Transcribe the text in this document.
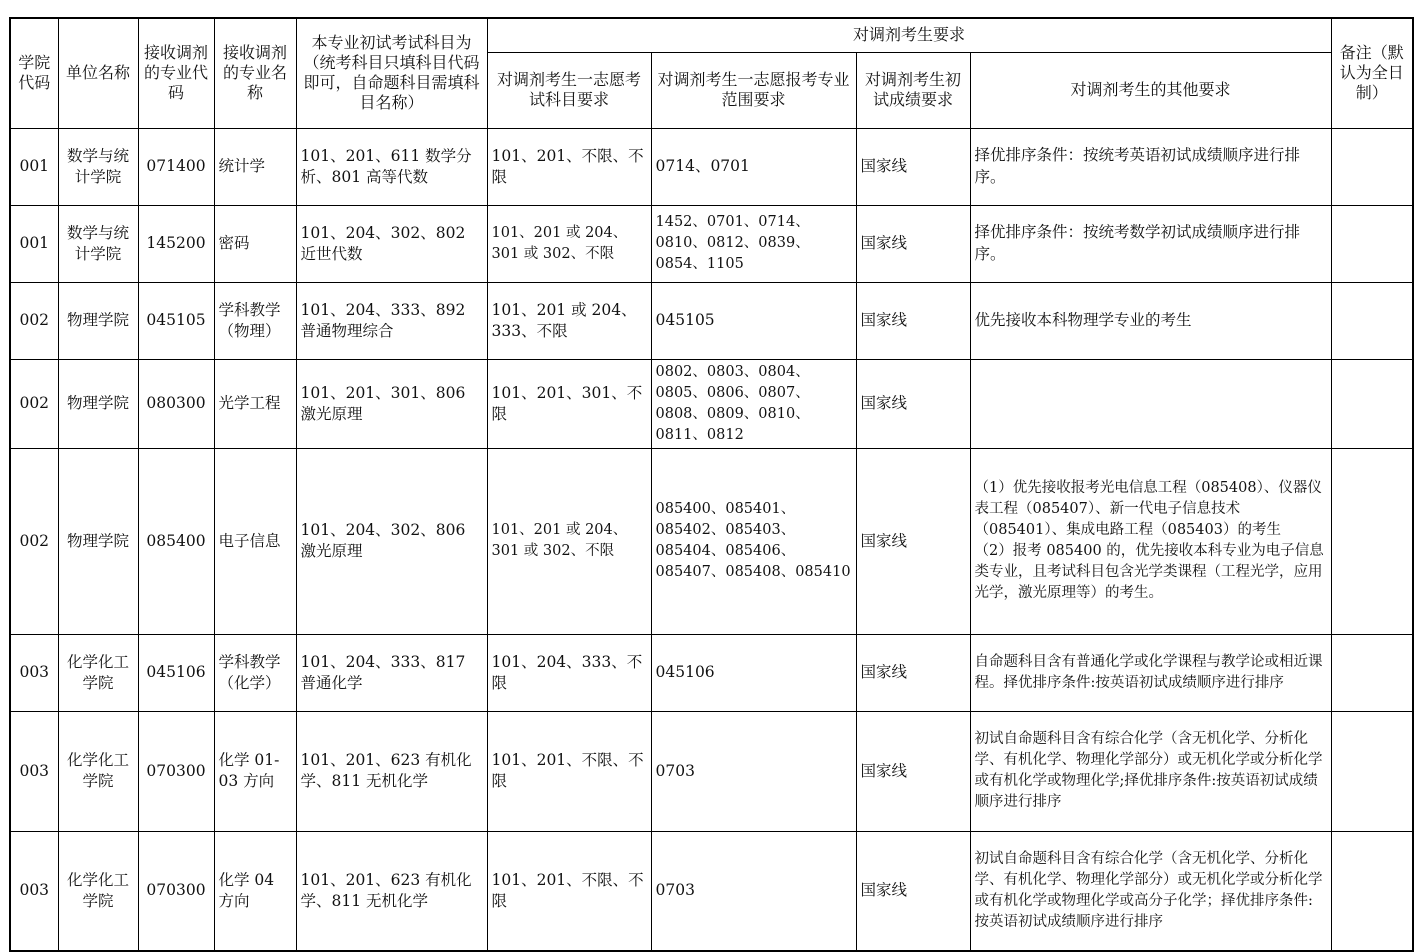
学院代码	单位名称	接收调剂的专业代码	接收调剂的专业名称	本专业初试考试科目为（统考科目只填科目代码即可，自命题科目需填科目名称）	对调剂考生要求				备注（默认为全日制）
					对调剂考生一志愿考试科目要求	对调剂考生一志愿报考专业范围要求	对调剂考生初试成绩要求	对调剂考生的其他要求	
001	数学与统计学院	071400	统计学	101、201、611 数学分析、801 高等代数	101、201、不限、不限	0714、0701	国家线	择优排序条件：按统考英语初试成绩顺序进行排序。	
001	数学与统计学院	145200	密码	101、204、302、802 近世代数	101、201 或 204、301 或 302、不限	1452、0701、0714、0810、0812、0839、0854、1105	国家线	择优排序条件：按统考数学初试成绩顺序进行排序。	
002	物理学院	045105	学科教学（物理）	101、204、333、892 普通物理综合	101、201 或 204、333、不限	045105	国家线	优先接收本科物理学专业的考生	
002	物理学院	080300	光学工程	101、201、301、806 激光原理	101、201、301、不限	0802、0803、0804、0805、0806、0807、0808、0809、0810、0811、0812	国家线		
002	物理学院	085400	电子信息	101、204、302、806 激光原理	101、201 或 204、301 或 302、不限	085400、085401、085402、085403、085404、085406、085407、085408、085410	国家线	（1）优先接收报考光电信息工程（085408）、仪器仪表工程（085407）、新一代电子信息技术（085401）、集成电路工程（085403）的考生
（2）报考 085400 的，优先接收本科专业为电子信息类专业，且考试科目包含光学类课程（工程光学，应用光学，激光原理等）的考生。	
003	化学化工学院	045106	学科教学（化学）	101、204、333、817 普通化学	101、204、333、不限	045106	国家线	自命题科目含有普通化学或化学课程与教学论或相近课程。择优排序条件:按英语初试成绩顺序进行排序	
003	化学化工学院	070300	化学 01-03 方向	101、201、623 有机化学、811 无机化学	101、201、不限、不限	0703	国家线	初试自命题科目含有综合化学（含无机化学、分析化学、有机化学、物理化学部分）或无机化学或分析化学或有机化学或物理化学;择优排序条件:按英语初试成绩顺序进行排序	
003	化学化工学院	070300	化学 04 方向	101、201、623 有机化学、811 无机化学	101、201、不限、不限	0703	国家线	初试自命题科目含有综合化学（含无机化学、分析化学、有机化学、物理化学部分）或无机化学或分析化学或有机化学或物理化学或高分子化学；择优排序条件:按英语初试成绩顺序进行排序	
